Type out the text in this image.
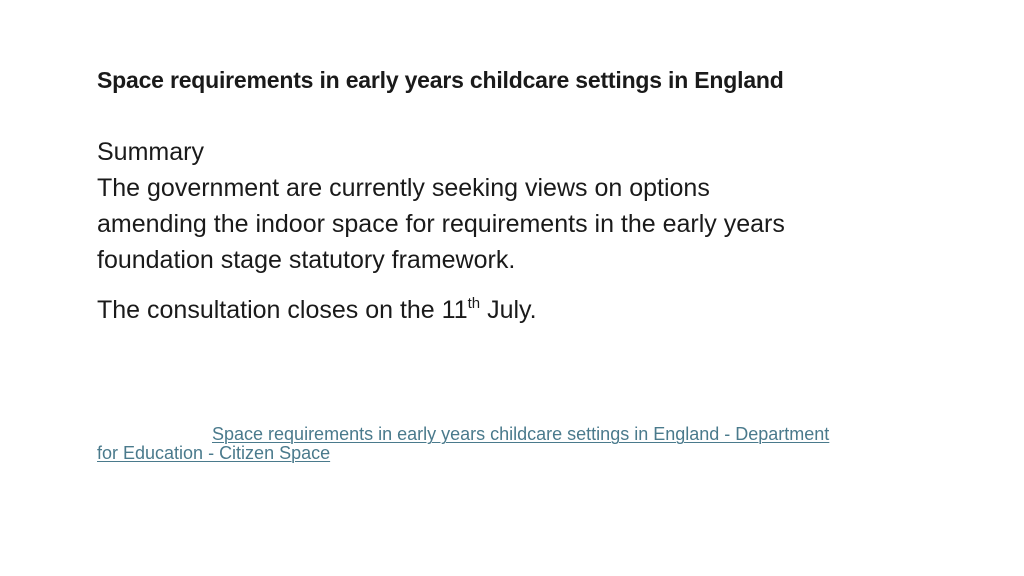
Space requirements in early years childcare settings in England

Summary

The government are currently seeking views on options

amending the indoor space for requirements in the early years

foundation stage statutory framework.

The consultation closes on the 11th July.
Space requirements in early years childcare settings in England - Department
for Education - Citizen Space
